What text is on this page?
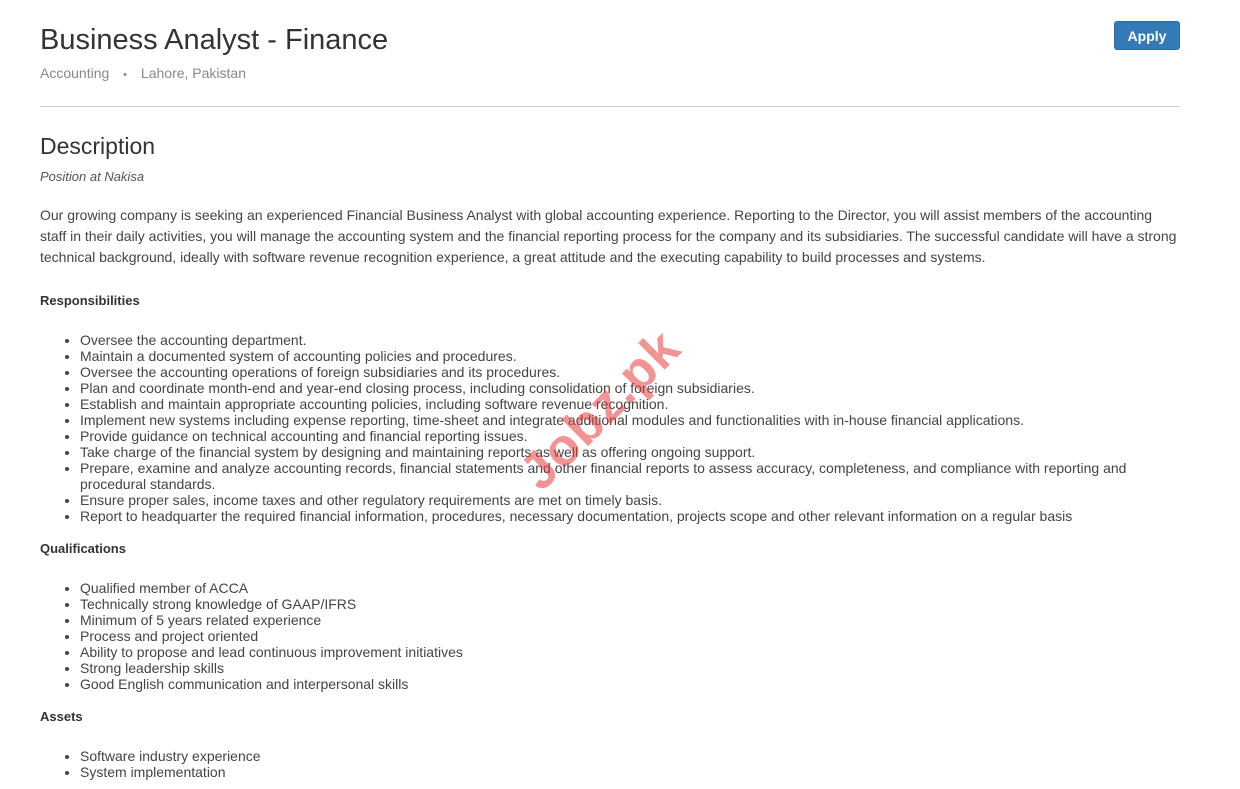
Business Analyst - Finance
Accounting • Lahore, Pakistan
Apply
Description
Position at Nakisa

Our growing company is seeking an experienced Financial Business Analyst with global accounting experience. Reporting to the Director, you will assist members of the accounting staff in their daily activities, you will manage the accounting system and the financial reporting process for the company and its subsidiaries. The successful candidate will have a strong technical background, ideally with software revenue recognition experience, a great attitude and the executing capability to build processes and systems.

Responsibilities
• Oversee the accounting department.
• Maintain a documented system of accounting policies and procedures.
• Oversee the accounting operations of foreign subsidiaries and its procedures.
• Plan and coordinate month-end and year-end closing process, including consolidation of foreign subsidiaries.
• Establish and maintain appropriate accounting policies, including software revenue recognition.
• Implement new systems including expense reporting, time-sheet and integrate additional modules and functionalities with in-house financial applications.
• Provide guidance on technical accounting and financial reporting issues.
• Take charge of the financial system by designing and maintaining reports as well as offering ongoing support.
• Prepare, examine and analyze accounting records, financial statements and other financial reports to assess accuracy, completeness, and compliance with reporting and procedural standards.
• Ensure proper sales, income taxes and other regulatory requirements are met on timely basis.
• Report to headquarter the required financial information, procedures, necessary documentation, projects scope and other relevant information on a regular basis
Qualifications
• Qualified member of ACCA
• Technically strong knowledge of GAAP/IFRS
• Minimum of 5 years related experience
• Process and project oriented
• Ability to propose and lead continuous improvement initiatives
• Strong leadership skills
• Good English communication and interpersonal skills
Assets
• Software industry experience
• System implementation
Jobz.pk
